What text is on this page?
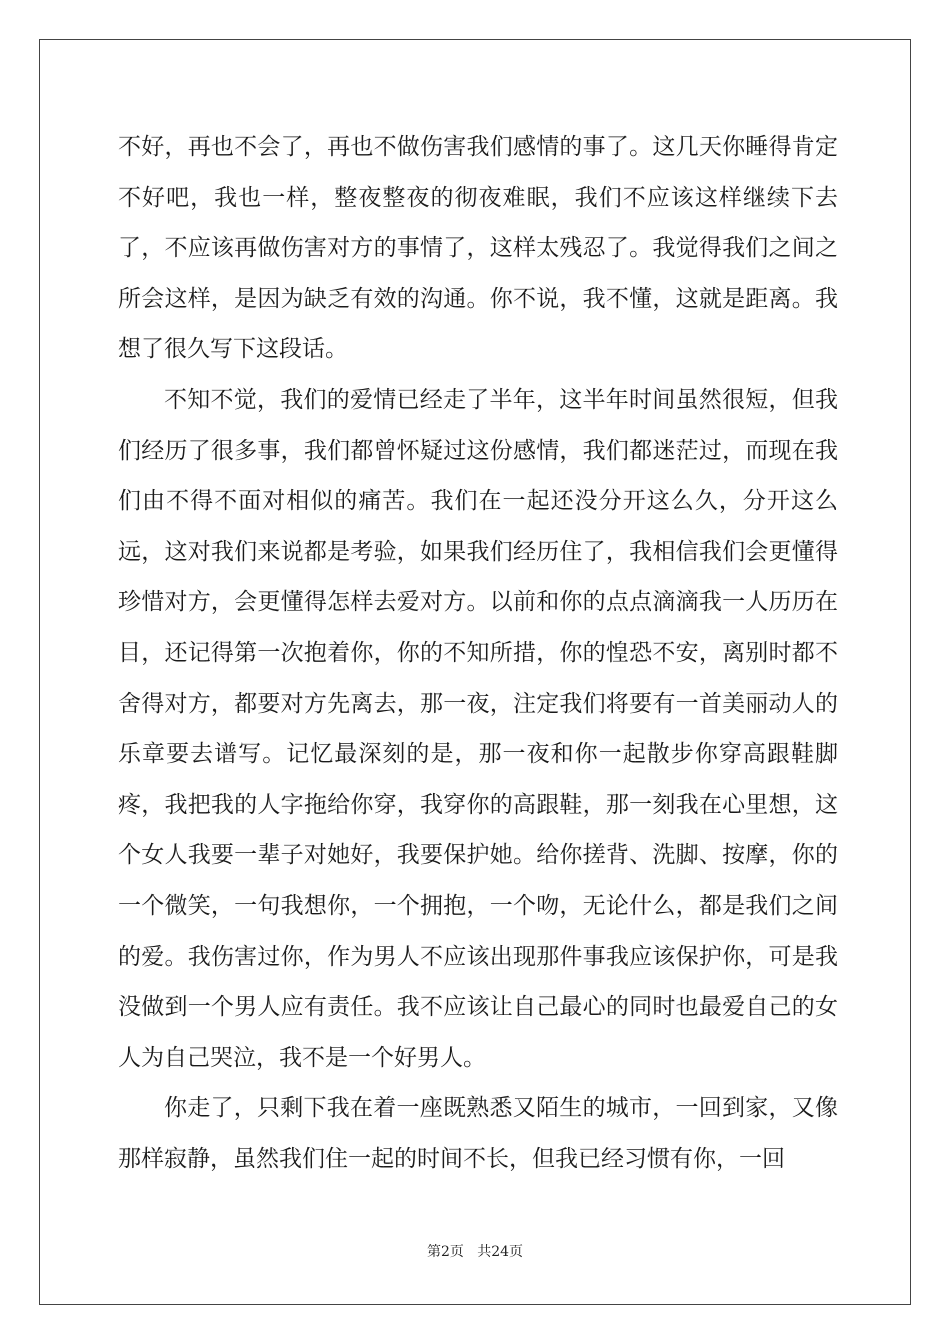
不好，再也不会了，再也不做伤害我们感情的事了。这几天你睡得肯定不好吧，我也一样，整夜整夜的彻夜难眠，我们不应该这样继续下去了，不应该再做伤害对方的事情了，这样太残忍了。我觉得我们之间之所会这样，是因为缺乏有效的沟通。你不说，我不懂，这就是距离。我想了很久写下这段话。

不知不觉，我们的爱情已经走了半年，这半年时间虽然很短，但我们经历了很多事，我们都曾怀疑过这份感情，我们都迷茫过，而现在我们由不得不面对相似的痛苦。我们在一起还没分开这么久，分开这么远，这对我们来说都是考验，如果我们经历住了，我相信我们会更懂得珍惜对方，会更懂得怎样去爱对方。以前和你的点点滴滴我一人历历在目，还记得第一次抱着你，你的不知所措，你的惶恐不安，离别时都不舍得对方，都要对方先离去，那一夜，注定我们将要有一首美丽动人的乐章要去谱写。记忆最深刻的是，那一夜和你一起散步你穿高跟鞋脚疼，我把我的人字拖给你穿，我穿你的高跟鞋，那一刻我在心里想，这个女人我要一辈子对她好，我要保护她。给你搓背、洗脚、按摩，你的一个微笑，一句我想你，一个拥抱，一个吻，无论什么，都是我们之间的爱。我伤害过你，作为男人不应该出现那件事我应该保护你，可是我没做到一个男人应有责任。我不应该让自己最心的同时也最爱自己的女人为自己哭泣，我不是一个好男人。

你走了，只剩下我在着一座既熟悉又陌生的城市，一回到家，又像那样寂静，虽然我们住一起的时间不长，但我已经习惯有你，一回

第2页   共24页
